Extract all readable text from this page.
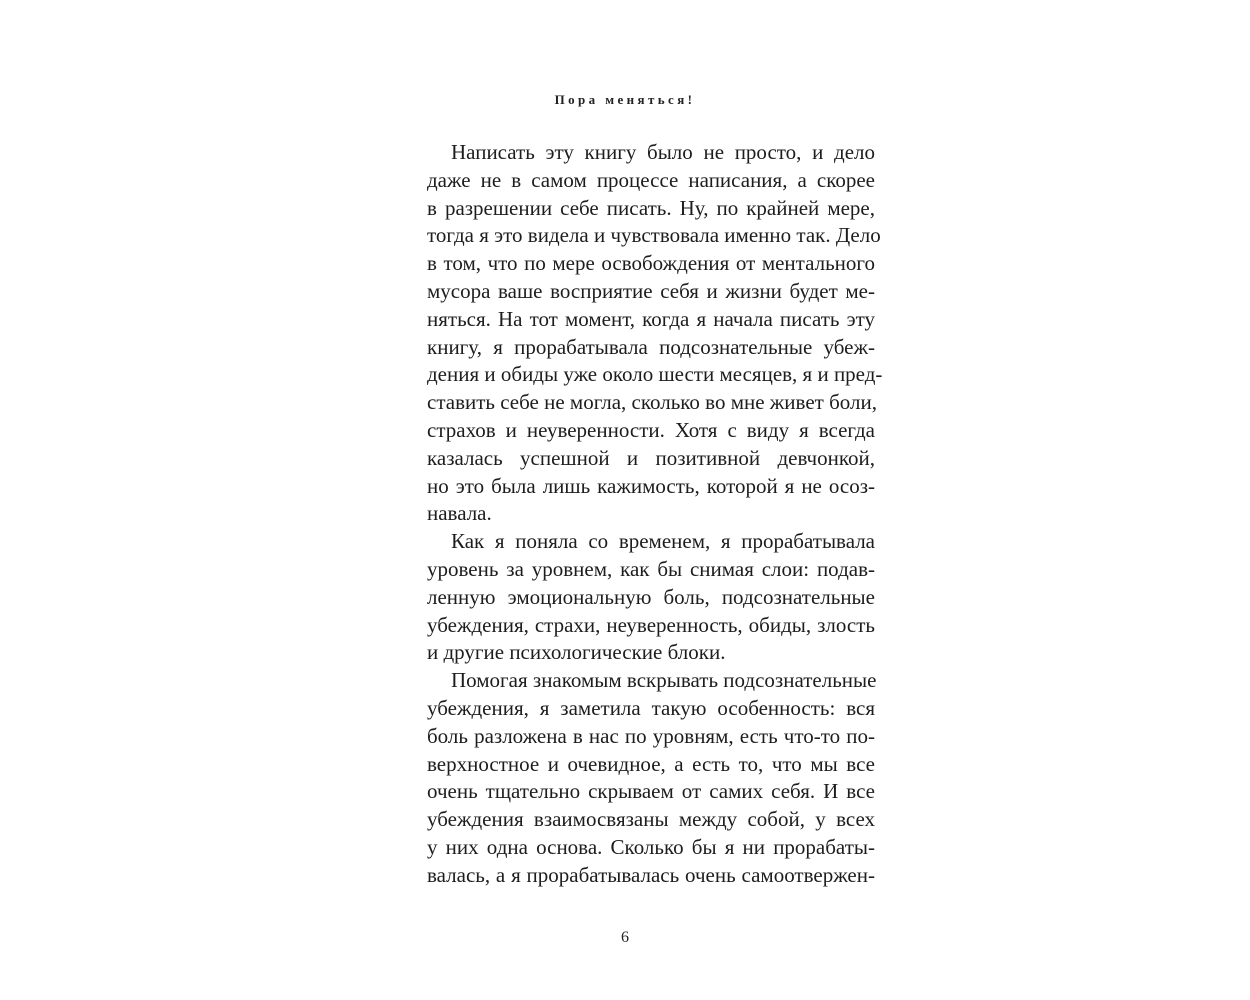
Пора меняться!
Написать эту книгу было не просто, и дело
даже не в самом процессе написания, а скорее
в разрешении себе писать. Ну, по крайней мере,
тогда я это видела и чувствовала именно так. Дело
в том, что по мере освобождения от ментального
мусора ваше восприятие себя и жизни будет ме-
няться. На тот момент, когда я начала писать эту
книгу, я прорабатывала подсознательные убеж-
дения и обиды уже около шести месяцев, я и пред-
ставить себе не могла, сколько во мне живет боли,
страхов и неуверенности. Хотя с виду я всегда
казалась успешной и позитивной девчонкой,
но это была лишь кажимость, которой я не осоз-
навала.
Как я поняла со временем, я прорабатывала
уровень за уровнем, как бы снимая слои: подав-
ленную эмоциональную боль, подсознательные
убеждения, страхи, неуверенность, обиды, злость
и другие психологические блоки.
Помогая знакомым вскрывать подсознательные
убеждения, я заметила такую особенность: вся
боль разложена в нас по уровням, есть что-то по-
верхностное и очевидное, а есть то, что мы все
очень тщательно скрываем от самих себя. И все
убеждения взаимосвязаны между собой, у всех
у них одна основа. Сколько бы я ни прорабаты-
валась, а я прорабатывалась очень самоотвержен-
6
